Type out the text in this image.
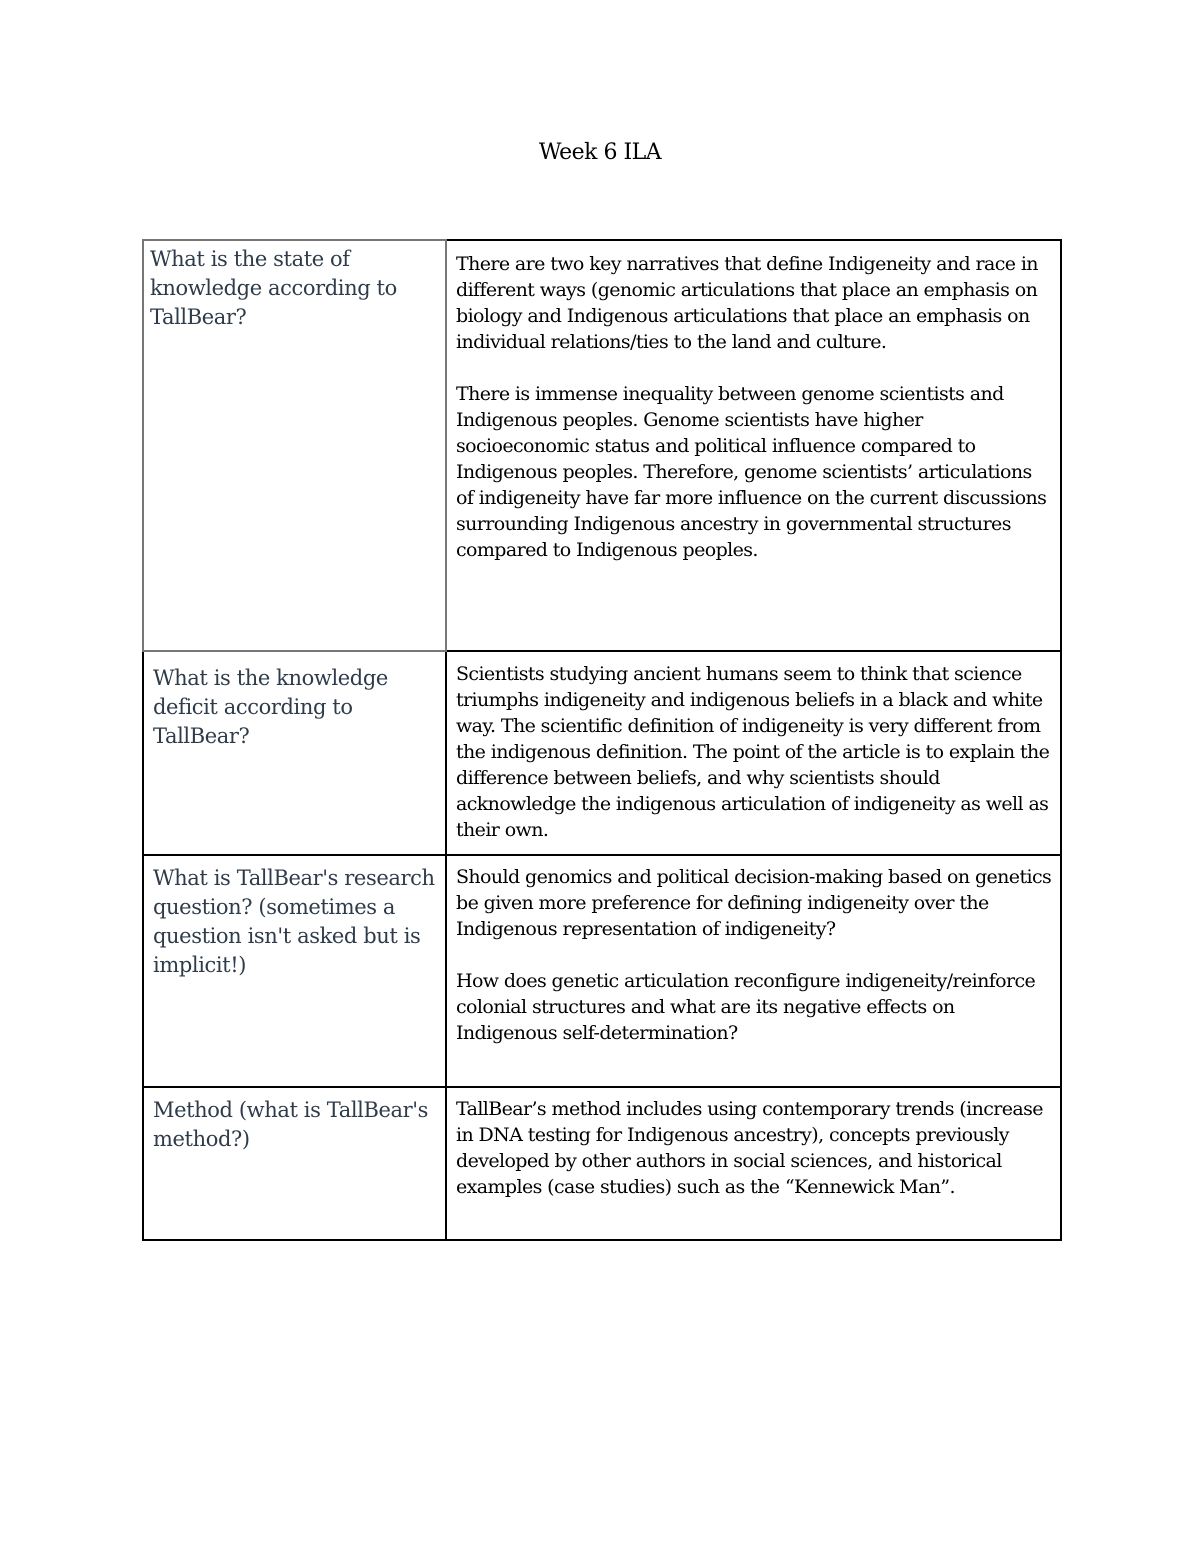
Week 6 ILA
What is the state of knowledge according to TallBear?	There are two key narratives that define Indigeneity and race in different ways (genomic articulations that place an emphasis on biology and Indigenous articulations that place an emphasis on individual relations/ties to the land and culture.

There is immense inequality between genome scientists and Indigenous peoples. Genome scientists have higher socioeconomic status and political influence compared to Indigenous peoples. Therefore, genome scientists’ articulations of indigeneity have far more influence on the current discussions surrounding Indigenous ancestry in governmental structures compared to Indigenous peoples.

What is the knowledge deficit according to TallBear?	Scientists studying ancient humans seem to think that science triumphs indigeneity and indigenous beliefs in a black and white way. The scientific definition of indigeneity is very different from the indigenous definition. The point of the article is to explain the difference between beliefs, and why scientists should acknowledge the indigenous articulation of indigeneity as well as their own.

What is TallBear's research question? (sometimes a question isn't asked but is implicit!)	Should genomics and political decision-making based on genetics be given more preference for defining indigeneity over the Indigenous representation of indigeneity?

How does genetic articulation reconfigure indigeneity/reinforce colonial structures and what are its negative effects on Indigenous self-determination?

Method (what is TallBear's method?)	TallBear’s method includes using contemporary trends (increase in DNA testing for Indigenous ancestry), concepts previously developed by other authors in social sciences, and historical examples (case studies) such as the “Kennewick Man”.
